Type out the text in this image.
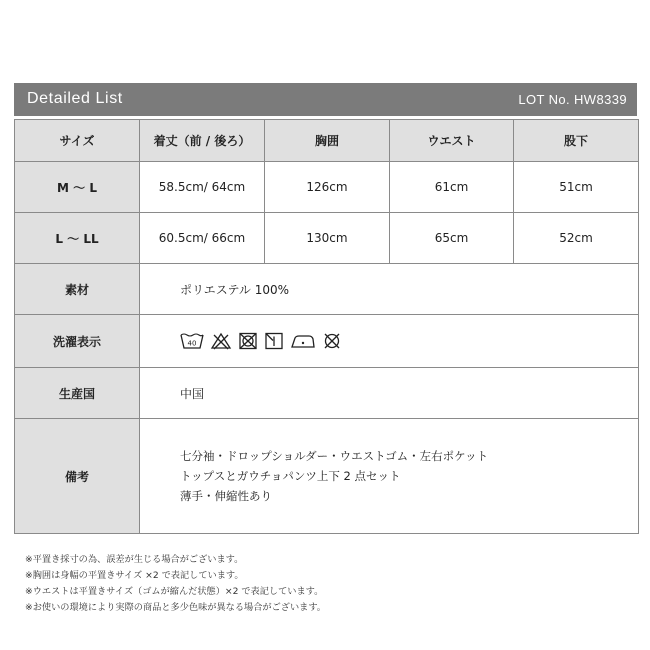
Detailed List	LOT No. HW8339
サイズ	着丈（前 / 後ろ）	胸囲	ウエスト	股下
M 〜 L	58.5cm/ 64cm	126cm	61cm	51cm
L 〜 LL	60.5cm/ 66cm	130cm	65cm	52cm
素材	ポリエステル 100%			
洗濯表示	40			

生産国	中国			
備考	七分袖・ドロップショルダー・ウエストゴム・左右ポケット
トップスとガウチョパンツ上下 2 点セット
薄手・伸縮性あり			
※平置き採寸の為、誤差が生じる場合がございます。
※胸囲は身幅の平置きサイズ ×2 で表記しています。
※ウエストは平置きサイズ（ゴムが縮んだ状態）×2 で表記しています。
※お使いの環境により実際の商品と多少色味が異なる場合がございます。
